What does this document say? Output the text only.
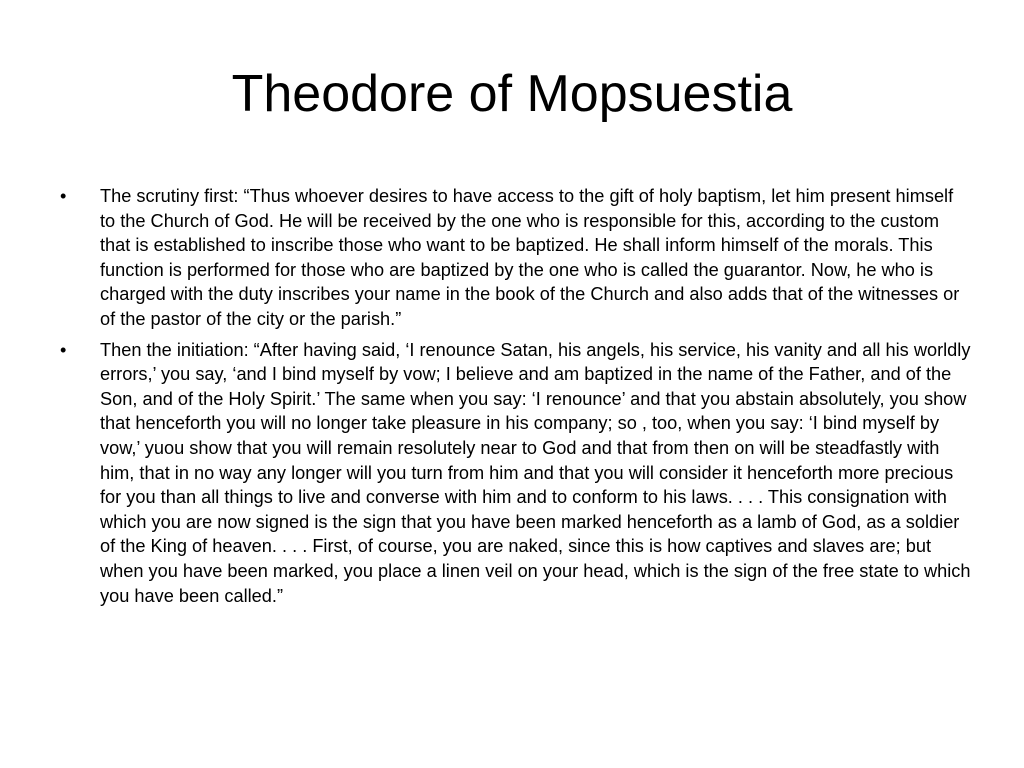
Theodore of Mopsuestia
•	The scrutiny first: “Thus whoever desires to have access to the gift of holy baptism, let him present himself to the Church of God. He will be received by the one who is responsible for this, according to the custom that is established to inscribe those who want to be baptized. He shall inform himself of the morals. This function is performed for those who are baptized by the one who is called the guarantor. Now, he who is charged with the duty inscribes your name in the book of the Church and also adds that of the witnesses or of the pastor of the city or the parish.”
•	Then the initiation: “After having said, ‘I renounce Satan, his angels, his service, his vanity and all his worldly errors,’ you say, ‘and I bind myself by vow; I believe and am baptized in the name of the Father, and of the Son, and of the Holy Spirit.’ The same when you say: ‘I renounce’ and that you abstain absolutely, you show that henceforth you will no longer take pleasure in his company; so , too, when you say: ‘I bind myself by vow,’ yuou show that you will remain resolutely near to God and that from then on will be steadfastly with him, that in no way any longer will you turn from him and that you will consider it henceforth more precious for you than all things to live and converse with him and to conform to his laws. . . . This consignation with which you are now signed is the sign that you have been marked henceforth as a lamb of God, as a soldier of the King of heaven. . . . First, of course, you are naked, since this is how captives and slaves are; but when you have been marked, you place a linen veil on your head, which is the sign of the free state to which you have been called.”
